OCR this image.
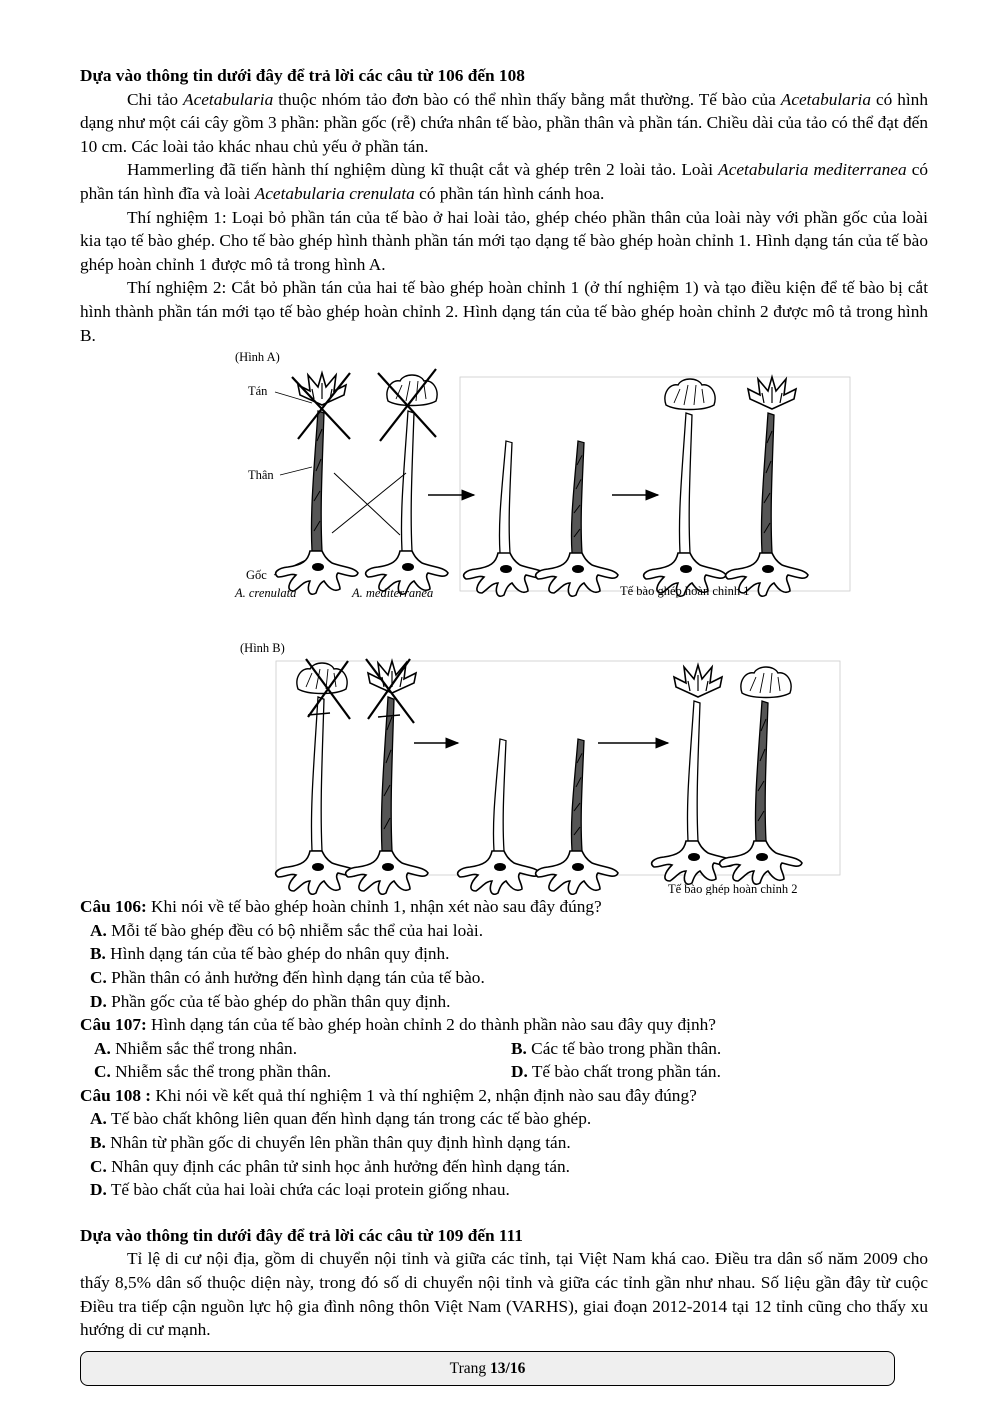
Dựa vào thông tin dưới đây để trả lời các câu từ 106 đến 108
Chi tảo Acetabularia thuộc nhóm tảo đơn bào có thể nhìn thấy bằng mắt thường. Tế bào của Acetabularia có hình dạng như một cái cây gồm 3 phần: phần gốc (rễ) chứa nhân tế bào, phần thân và phần tán. Chiều dài của tảo có thể đạt đến 10 cm. Các loài tảo khác nhau chủ yếu ở phần tán.
Hammerling đã tiến hành thí nghiệm dùng kĩ thuật cắt và ghép trên 2 loài tảo. Loài Acetabularia mediterranea có phần tán hình đĩa và loài Acetabularia crenulata có phần tán hình cánh hoa.
Thí nghiệm 1: Loại bỏ phần tán của tế bào ở hai loài tảo, ghép chéo phần thân của loài này với phần gốc của loài kia tạo tế bào ghép. Cho tế bào ghép hình thành phần tán mới tạo dạng tế bào ghép hoàn chỉnh 1. Hình dạng tán của tế bào ghép hoàn chỉnh 1 được mô tả trong hình A.
Thí nghiệm 2: Cắt bỏ phần tán của hai tế bào ghép hoàn chỉnh 1 (ở thí nghiệm 1) và tạo điều kiện để tế bào bị cắt hình thành phần tán mới tạo tế bào ghép hoàn chỉnh 2. Hình dạng tán của tế bào ghép hoàn chỉnh 2 được mô tả trong hình B.
(Hình A)
Tán
Thân
Gốc
A. crenulata	A. mediterranea	Tế bào ghép hoàn chỉnh 1
(Hình B)
Tế bào ghép hoàn chỉnh 2
Câu 106: Khi nói về tế bào ghép hoàn chỉnh 1, nhận xét nào sau đây đúng?
A. Mỗi tế bào ghép đều có bộ nhiễm sắc thể của hai loài.
B. Hình dạng tán của tế bào ghép do nhân quy định.
C. Phần thân có ảnh hưởng đến hình dạng tán của tế bào.
D. Phần gốc của tế bào ghép do phần thân quy định.
Câu 107: Hình dạng tán của tế bào ghép hoàn chỉnh 2 do thành phần nào sau đây quy định?
A. Nhiễm sắc thể trong nhân.	B. Các tế bào trong phần thân.
C. Nhiễm sắc thể trong phần thân.	D. Tế bào chất trong phần tán.
Câu 108 : Khi nói về kết quả thí nghiệm 1 và thí nghiệm 2, nhận định nào sau đây đúng?
A. Tế bào chất không liên quan đến hình dạng tán trong các tế bào ghép.
B. Nhân từ phần gốc di chuyển lên phần thân quy định hình dạng tán.
C. Nhân quy định các phân tử sinh học ảnh hưởng đến hình dạng tán.
D. Tế bào chất của hai loài chứa các loại protein giống nhau.
Dựa vào thông tin dưới đây để trả lời các câu từ 109 đến 111
Tỉ lệ di cư nội địa, gồm di chuyển nội tỉnh và giữa các tỉnh, tại Việt Nam khá cao. Điều tra dân số năm 2009 cho thấy 8,5% dân số thuộc diện này, trong đó số di chuyển nội tỉnh và giữa các tỉnh gần như nhau. Số liệu gần đây từ cuộc Điều tra tiếp cận nguồn lực hộ gia đình nông thôn Việt Nam (VARHS), giai đoạn 2012-2014 tại 12 tỉnh cũng cho thấy xu hướng di cư mạnh.
Trang 13/16
